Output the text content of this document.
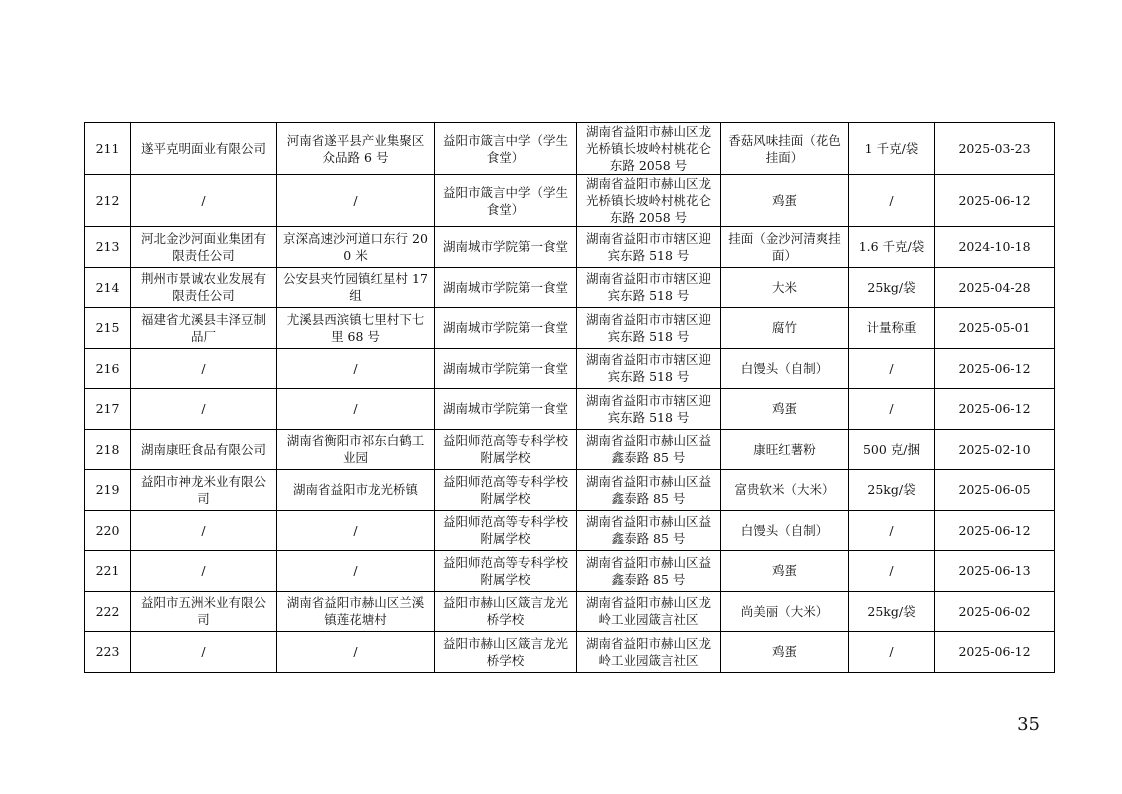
211	遂平克明面业有限公司	河南省遂平县产业集聚区众品路 6 号	益阳市箴言中学（学生食堂）	湖南省益阳市赫山区龙光桥镇长坡岭村桃花仑东路 2058 号	香菇风味挂面（花色挂面）	1 千克/袋	2025-03-23
212	/	/	益阳市箴言中学（学生食堂）	湖南省益阳市赫山区龙光桥镇长坡岭村桃花仑东路 2058 号	鸡蛋	/	2025-06-12
213	河北金沙河面业集团有限责任公司	京深高速沙河道口东行 200 米	湖南城市学院第一食堂	湖南省益阳市市辖区迎宾东路 518 号	挂面（金沙河清爽挂面）	1.6 千克/袋	2024-10-18
214	荆州市景诚农业发展有限责任公司	公安县夹竹园镇红星村 17 组	湖南城市学院第一食堂	湖南省益阳市市辖区迎宾东路 518 号	大米	25kg/袋	2025-04-28
215	福建省尤溪县丰泽豆制品厂	尤溪县西滨镇七里村下七里 68 号	湖南城市学院第一食堂	湖南省益阳市市辖区迎宾东路 518 号	腐竹	计量称重	2025-05-01
216	/	/	湖南城市学院第一食堂	湖南省益阳市市辖区迎宾东路 518 号	白馒头（自制）	/	2025-06-12
217	/	/	湖南城市学院第一食堂	湖南省益阳市市辖区迎宾东路 518 号	鸡蛋	/	2025-06-12
218	湖南康旺食品有限公司	湖南省衡阳市祁东白鹤工业园	益阳师范高等专科学校附属学校	湖南省益阳市赫山区益鑫泰路 85 号	康旺红薯粉	500 克/捆	2025-02-10
219	益阳市神龙米业有限公司	湖南省益阳市龙光桥镇	益阳师范高等专科学校附属学校	湖南省益阳市赫山区益鑫泰路 85 号	富贵软米（大米）	25kg/袋	2025-06-05
220	/	/	益阳师范高等专科学校附属学校	湖南省益阳市赫山区益鑫泰路 85 号	白馒头（自制）	/	2025-06-12
221	/	/	益阳师范高等专科学校附属学校	湖南省益阳市赫山区益鑫泰路 85 号	鸡蛋	/	2025-06-13
222	益阳市五洲米业有限公司	湖南省益阳市赫山区兰溪镇莲花塘村	益阳市赫山区箴言龙光桥学校	湖南省益阳市赫山区龙岭工业园箴言社区	尚美丽（大米）	25kg/袋	2025-06-02
223	/	/	益阳市赫山区箴言龙光桥学校	湖南省益阳市赫山区龙岭工业园箴言社区	鸡蛋	/	2025-06-12
35
